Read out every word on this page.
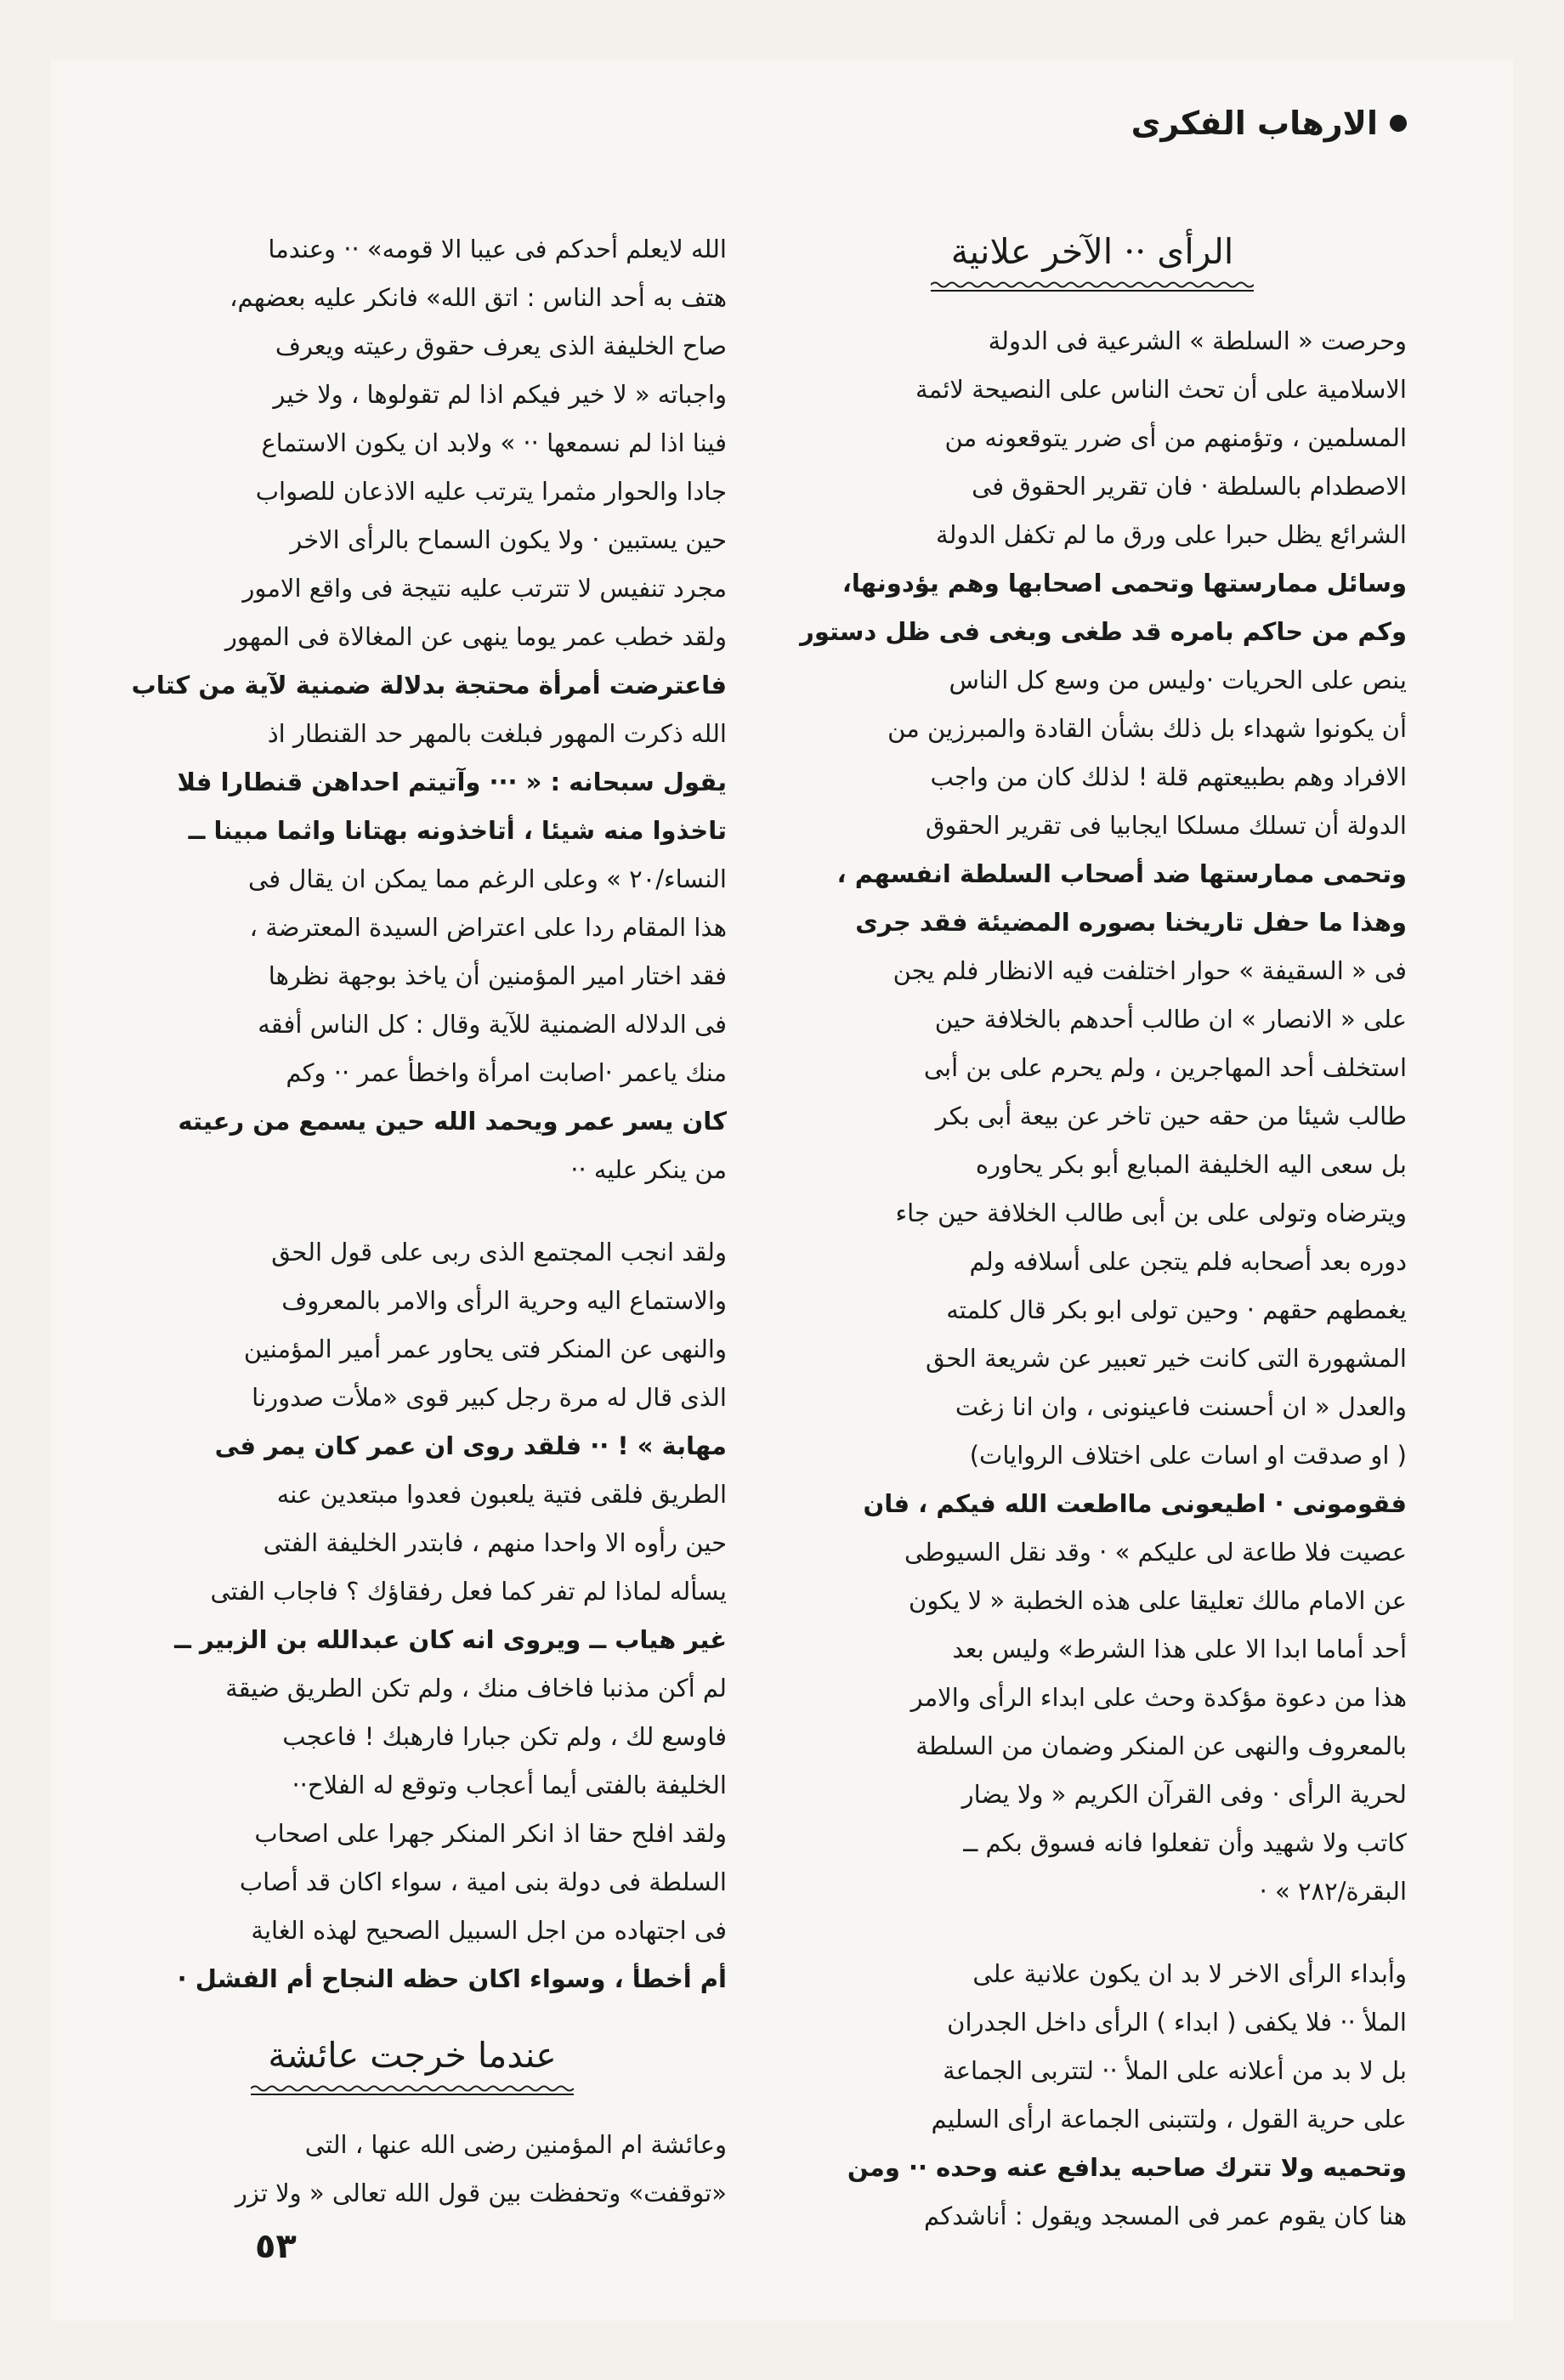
الارهاب الفكرى
الرأى ·· الآخر علانية
وحرصت « السلطة » الشرعية فى الدولة
الاسلامية على أن تحث الناس على النصيحة لائمة
المسلمين ، وتؤمنهم من أى ضرر يتوقعونه من
الاصطدام بالسلطة · فان تقرير الحقوق فى
الشرائع يظل حبرا على ورق ما لم تكفل الدولة
وسائل ممارستها وتحمى اصحابها وهم يؤدونها،
وكم من حاكم بامره قد طغى وبغى فى ظل دستور
ينص على الحريات ·وليس من وسع كل الناس
أن يكونوا شهداء بل ذلك بشأن القادة والمبرزين من
الافراد وهم بطبيعتهم قلة ! لذلك كان من واجب
الدولة أن تسلك مسلكا ايجابيا فى تقرير الحقوق
وتحمى ممارستها ضد أصحاب السلطة انفسهم ،
وهذا ما حفل تاريخنا بصوره المضيئة فقد جرى
فى « السقيفة » حوار اختلفت فيه الانظار فلم يجن
على « الانصار » ان طالب أحدهم بالخلافة حين
استخلف أحد المهاجرين ، ولم يحرم على بن أبى
طالب شيئا من حقه حين تاخر عن بيعة أبى بكر
بل سعى اليه الخليفة المبايع أبو بكر يحاوره
ويترضاه وتولى على بن أبى طالب الخلافة حين جاء
دوره بعد أصحابه فلم يتجن على أسلافه ولم
يغمطهم حقهم · وحين تولى ابو بكر قال كلمته
المشهورة التى كانت خير تعبير عن شريعة الحق
والعدل « ان أحسنت فاعينونى ، وان انا زغت
( او صدقت او اسات على اختلاف الروايات)
فقومونى · اطيعونى مااطعت الله فيكم ، فان
عصيت فلا طاعة لى عليكم » · وقد نقل السيوطى
عن الامام مالك تعليقا على هذه الخطبة « لا يكون
أحد أماما ابدا الا على هذا الشرط» وليس بعد
هذا من دعوة مؤكدة وحث على ابداء الرأى والامر
بالمعروف والنهى عن المنكر وضمان من السلطة
لحرية الرأى · وفى القرآن الكريم « ولا يضار
كاتب ولا شهيد وأن تفعلوا فانه فسوق بكم ــ
البقرة/٢٨٢ » ·
وأبداء الرأى الاخر لا بد ان يكون علانية على
الملأ ·· فلا يكفى ( ابداء ) الرأى داخل الجدران
بل لا بد من أعلانه على الملأ ·· لتتربى الجماعة
على حرية القول ، ولتتبنى الجماعة ارأى السليم
وتحميه ولا تترك صاحبه يدافع عنه وحده ·· ومن
هنا كان يقوم عمر فى المسجد ويقول : أناشدكم
الله لايعلم أحدكم فى عيبا الا قومه» ·· وعندما
هتف به أحد الناس : اتق الله» فانكر عليه بعضهم،
صاح الخليفة الذى يعرف حقوق رعيته ويعرف
واجباته « لا خير فيكم اذا لم تقولوها ، ولا خير
فينا اذا لم نسمعها ·· » ولابد ان يكون الاستماع
جادا والحوار مثمرا يترتب عليه الاذعان للصواب
حين يستبين · ولا يكون السماح بالرأى الاخر
مجرد تنفيس لا تترتب عليه نتيجة فى واقع الامور
ولقد خطب عمر يوما ينهى عن المغالاة فى المهور
فاعترضت أمرأة محتجة بدلالة ضمنية لآية من كتاب
الله ذكرت المهور فبلغت بالمهر حد القنطار اذ
يقول سبحانه : « ··· وآتيتم احداهن قنطارا فلا
تاخذوا منه شيئا ، أتاخذونه بهتانا واثما مبينا ــ
النساء/٢٠ » وعلى الرغم مما يمكن ان يقال فى
هذا المقام ردا على اعتراض السيدة المعترضة ،
فقد اختار امير المؤمنين أن ياخذ بوجهة نظرها
فى الدلاله الضمنية للآية وقال : كل الناس أفقه
منك ياعمر ·اصابت امرأة واخطأ عمر ·· وكم
كان يسر عمر ويحمد الله حين يسمع من رعيته
من ينكر عليه ··
ولقد انجب المجتمع الذى ربى على قول الحق
والاستماع اليه وحرية الرأى والامر بالمعروف
والنهى عن المنكر فتى يحاور عمر أمير المؤمنين
الذى قال له مرة رجل كبير قوى «ملأت صدورنا
مهابة » ! ·· فلقد روى ان عمر كان يمر فى
الطريق فلقى فتية يلعبون فعدوا مبتعدين عنه
حين رأوه الا واحدا منهم ، فابتدر الخليفة الفتى
يسأله لماذا لم تفر كما فعل رفقاؤك ؟ فاجاب الفتى
غير هياب ــ ويروى انه كان عبدالله بن الزبير ــ
لم أكن مذنبا فاخاف منك ، ولم تكن الطريق ضيقة
فاوسع لك ، ولم تكن جبارا فارهبك ! فاعجب
الخليفة بالفتى أيما أعجاب وتوقع له الفلاح··
ولقد افلح حقا اذ انكر المنكر جهرا على اصحاب
السلطة فى دولة بنى امية ، سواء اكان قد أصاب
فى اجتهاده من اجل السبيل الصحيح لهذه الغاية
أم أخطأ ، وسواء اكان حظه النجاح أم الفشل ·
عندما خرجت عائشة
وعائشة ام المؤمنين رضى الله عنها ، التى
«توقفت» وتحفظت بين قول الله تعالى « ولا تزر
٥٣
